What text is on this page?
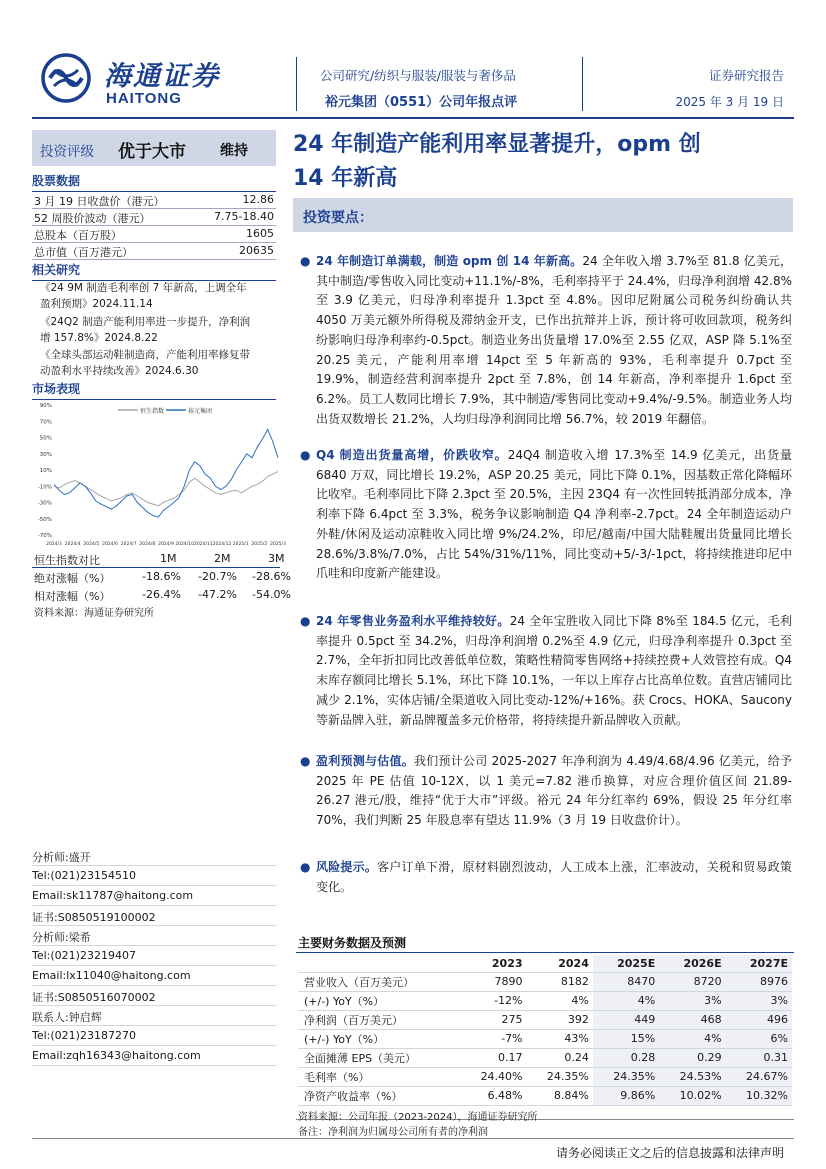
海通证券
HAITONG
公司研究/纺织与服装/服装与奢侈品
裕元集团（0551）公司年报点评
证券研究报告
2025 年 3 月 19 日
投资评级 优于大市 维持
股票数据
3 月 19 日收盘价（港元）	12.86
52 周股价波动（港元）	7.75-18.40
总股本（百万股）	1605
总市值（百万港元）	20635
相关研究
《24 9M 制造毛利率创 7 年新高，上调全年
盈利预期》2024.11.14
《24Q2 制造产能利用率进一步提升，净利润
增 157.8%》2024.8.22
《全球头部运动鞋制造商，产能利用率修复带
动盈利水平持续改善》2024.6.30
市场表现
90%
70%
50%
30%
10%
-10%
-30%
-50%
-70%
2024/3 2024/4 2024/5 2024/6 2024/7 2024/8 2024/9 2024/10 2024/11 2024/12 2025/1 2025/2 2025/3
恒生指数	裕元集团
恒生指数对比	1M	2M	3M
绝对涨幅（%）	-18.6% -20.7% -28.6%
相对涨幅（%）	-26.4% -47.2% -54.0%
资料来源：海通证券研究所
分析师:盛开
Tel:(021)23154510
Email:sk11787@haitong.com
证书:S0850519100002
分析师:梁希
Tel:(021)23219407
Email:lx11040@haitong.com
证书:S0850516070002
联系人:钟启辉
Tel:(021)23187270
Email:zqh16343@haitong.com
24 年制造产能利用率显著提升，opm 创
14 年新高
投资要点：
● 24 年制造订单满载，制造 opm 创 14 年新高。24 全年收入增 3.7%至 81.8 亿美元，其中制造/零售收入同比变动+11.1%/-8%，毛利率持平于 24.4%，归母净利润增 42.8%至 3.9 亿美元，归母净利率提升 1.3pct 至 4.8%。因印尼附属公司税务纠纷确认共 4050 万美元额外所得税及滞纳金开支，已作出抗辩并上诉，预计将可收回款项，税务纠纷影响归母净利率约-0.5pct。制造业务出货量增 17.0%至 2.55 亿双，ASP 降 5.1%至 20.25 美元，产能利用率增 14pct 至 5 年新高的 93%，毛利率提升 0.7pct 至 19.9%，制造经营利润率提升 2pct 至 7.8%，创 14 年新高，净利率提升 1.6pct 至 6.2%。员工人数同比增长 7.9%，其中制造/零售同比变动+9.4%/-9.5%。制造业务人均出货双数增长 21.2%，人均归母净利润同比增 56.7%，较 2019 年翻倍。

● Q4 制造出货量高增，价跌收窄。24Q4 制造收入增 17.3%至 14.9 亿美元，出货量 6840 万双，同比增长 19.2%，ASP 20.25 美元，同比下降 0.1%，因基数正常化降幅环比收窄。毛利率同比下降 2.3pct 至 20.5%，主因 23Q4 有一次性回转抵消部分成本，净利率下降 6.4pct 至 3.3%，税务争议影响制造 Q4 净利率-2.7pct。24 全年制造运动户外鞋/休闲及运动凉鞋收入同比增 9%/24.2%，印尼/越南/中国大陆鞋履出货量同比增长 28.6%/3.8%/7.0%，占比 54%/31%/11%，同比变动+5/-3/-1pct，将持续推进印尼中爪哇和印度新产能建设。

● 24 年零售业务盈利水平维持较好。24 全年宝胜收入同比下降 8%至 184.5 亿元，毛利率提升 0.5pct 至 34.2%，归母净利润增 0.2%至 4.9 亿元，归母净利率提升 0.3pct 至 2.7%，全年折扣同比改善低单位数，策略性精简零售网络+持续控费+人效管控有成。Q4 末库存额同比增长 5.1%，环比下降 10.1%，一年以上库存占比高单位数。直营店铺同比减少 2.1%，实体店铺/全渠道收入同比变动-12%/+16%。获 Crocs、HOKA、Saucony 等新品牌入驻，新品牌覆盖多元价格带，将持续提升新品牌收入贡献。

● 盈利预测与估值。我们预计公司 2025-2027 年净利润为 4.49/4.68/4.96 亿美元，给予 2025 年 PE 估值 10-12X，以 1 美元=7.82 港币换算，对应合理价值区间 21.89-26.27 港元/股，维持“优于大市”评级。裕元 24 年分红率约 69%，假设 25 年分红率 70%，我们判断 25 年股息率有望达 11.9%（3 月 19 日收盘价计）。

● 风险提示。客户订单下滑，原材料剧烈波动，人工成本上涨，汇率波动，关税和贸易政策变化。

主要财务数据及预测
	2023	2024	2025E	2026E	2027E
营业收入（百万美元）	7890	8182	8470	8720	8976
(+/-) YoY（%）	-12%	4%	4%	3%	3%
净利润（百万美元）	275	392	449	468	496
(+/-) YoY（%）	-7%	43%	15%	4%	6%
全面摊薄 EPS（美元）	0.17	0.24	0.28	0.29	0.31
毛利率（%）	24.40%	24.35%	24.35%	24.53%	24.67%
净资产收益率（%）	6.48%	8.84%	9.86%	10.02%	10.32%
资料来源：公司年报（2023-2024），海通证券研究所
备注：净利润为归属母公司所有者的净利润
请务必阅读正文之后的信息披露和法律声明
